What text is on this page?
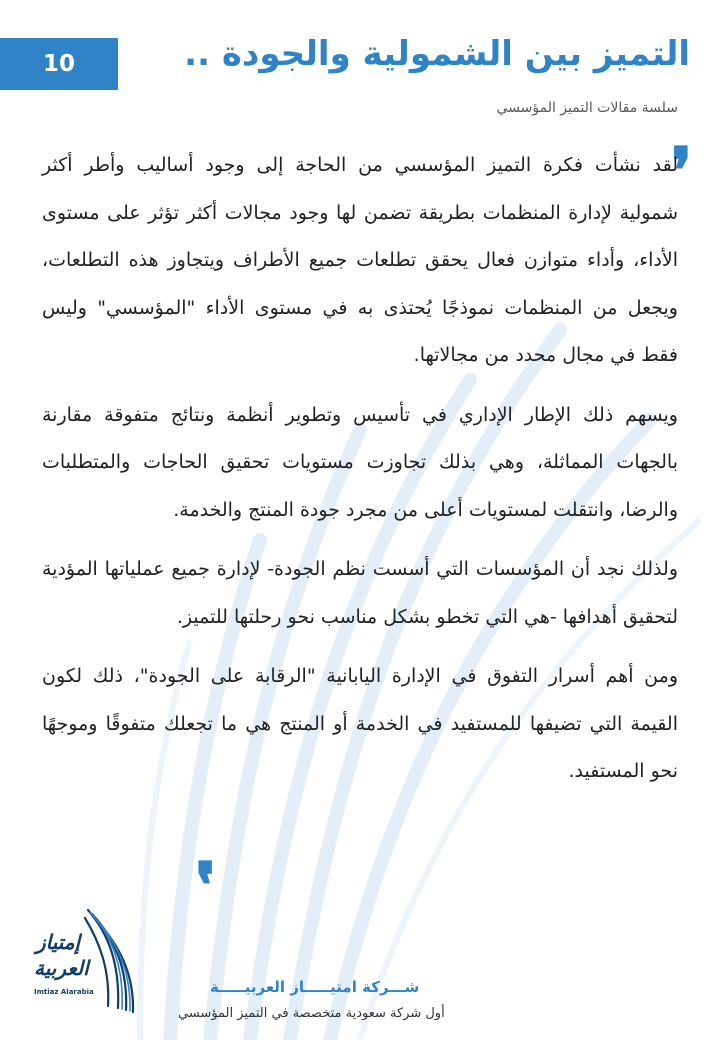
10	التميز بين الشمولية والجودة ..
سلسة مقالات التميز المؤسسي
❜

لقد نشأت فكرة التميز المؤسسي من الحاجة إلى وجود أساليب وأطر أكثر شمولية لإدارة المنظمات بطريقة تضمن لها وجود مجالات أكثر تؤثر على مستوى الأداء، وأداء متوازن فعال يحقق تطلعات جميع الأطراف ويتجاوز هذه التطلعات، ويجعل من المنظمات نموذجًا يُحتذى به في مستوى الأداء "المؤسسي" وليس فقط في مجال محدد من مجالاتها.

ويسهم ذلك الإطار الإداري في تأسيس وتطوير أنظمة ونتائج متفوقة مقارنة بالجهات المماثلة، وهي بذلك تجاوزت مستويات تحقيق الحاجات والمتطلبات والرضا، وانتقلت لمستويات أعلى من مجرد جودة المنتج والخدمة.

ولذلك نجد أن المؤسسات التي أسست نظم الجودة- لإدارة جميع عملياتها المؤدية لتحقيق أهدافها -هي التي تخطو بشكل مناسب نحو رحلتها للتميز.

ومن أهم أسرار التفوق في الإدارة اليابانية "الرقابة على الجودة"، ذلك لكون القيمة التي تضيفها للمستفيد في الخدمة أو المنتج هي ما تجعلك متفوقًا وموجهًا نحو المستفيد.

❜
إمتياز
العربية
Imtiaz Alarabia	شـــركة امتيـــــاز العربيـــــة
أول شركة سعودية متخصصة في التميز المؤسسي
